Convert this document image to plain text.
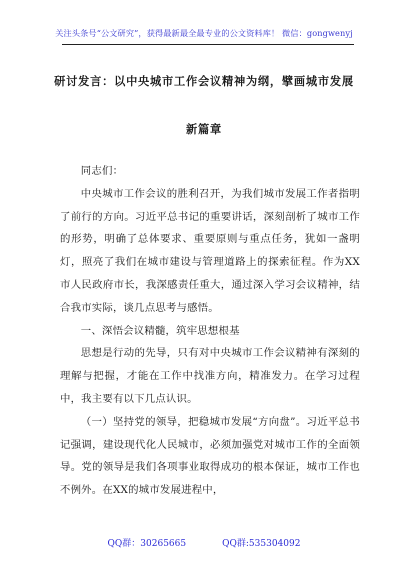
关注头条号“公文研究”，获得最新最全最专业的公文资料库！ 微信：gongwenyj
研讨发言：以中央城市工作会议精神为纲，擘画城市发展
新篇章

同志们：

中央城市工作会议的胜利召开，为我们城市发展工作者指明了前行的方向。习近平总书记的重要讲话，深刻剖析了城市工作的形势，明确了总体要求、重要原则与重点任务，犹如一盏明灯，照亮了我们在城市建设与管理道路上的探索征程。作为XX市人民政府市长，我深感责任重大，通过深入学习会议精神，结合我市实际，谈几点思考与感悟。

一、深悟会议精髓，筑牢思想根基

思想是行动的先导，只有对中央城市工作会议精神有深刻的理解与把握，才能在工作中找准方向，精准发力。在学习过程中，我主要有以下几点认识。

（一）坚持党的领导，把稳城市发展“方向盘”。习近平总书记强调，建设现代化人民城市，必须加强党对城市工作的全面领导。党的领导是我们各项事业取得成功的根本保证，城市工作也不例外。在XX的城市发展进程中，

QQ群：30265665	QQ群:535304092
